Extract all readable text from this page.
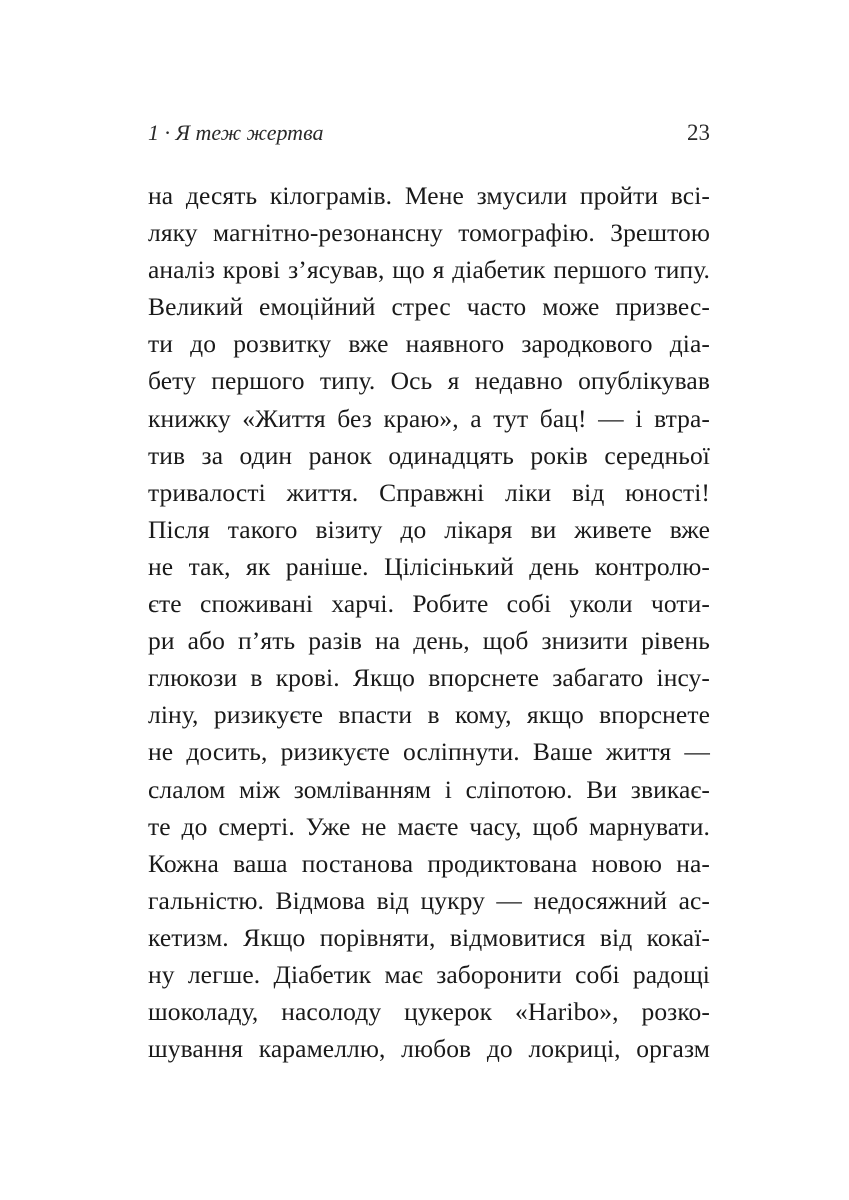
1 · Я теж жертва	23
на десять кілограмів. Мене змусили пройти всі-
ляку магнітно-резонансну томографію. Зрештою
аналіз крові з’ясував, що я діабетик першого типу.
Великий емоційний стрес часто може призвес-
ти до розвитку вже наявного зародкового діа-
бету першого типу. Ось я недавно опублікував
книжку «Життя без краю», а тут бац! — і втра-
тив за один ранок одинадцять років середньої
тривалості життя. Справжні ліки від юності!
Після такого візиту до лікаря ви живете вже
не так, як раніше. Цілісінький день контролю-
єте споживані харчі. Робите собі уколи чоти-
ри або п’ять разів на день, щоб знизити рівень
глюкози в крові. Якщо впорснете забагато інсу-
ліну, ризикуєте впасти в кому, якщо впорснете
не досить, ризикуєте осліпнути. Ваше життя —
слалом між зомліванням і сліпотою. Ви звикає-
те до смерті. Уже не маєте часу, щоб марнувати.
Кожна ваша постанова продиктована новою на-
гальністю. Відмова від цукру — недосяжний ас-
кетизм. Якщо порівняти, відмовитися від кокаї-
ну легше. Діабетик має заборонити собі радощі
шоколаду, насолоду цукерок «Haribo», розко-
шування карамеллю, любов до локриці, оргазм
